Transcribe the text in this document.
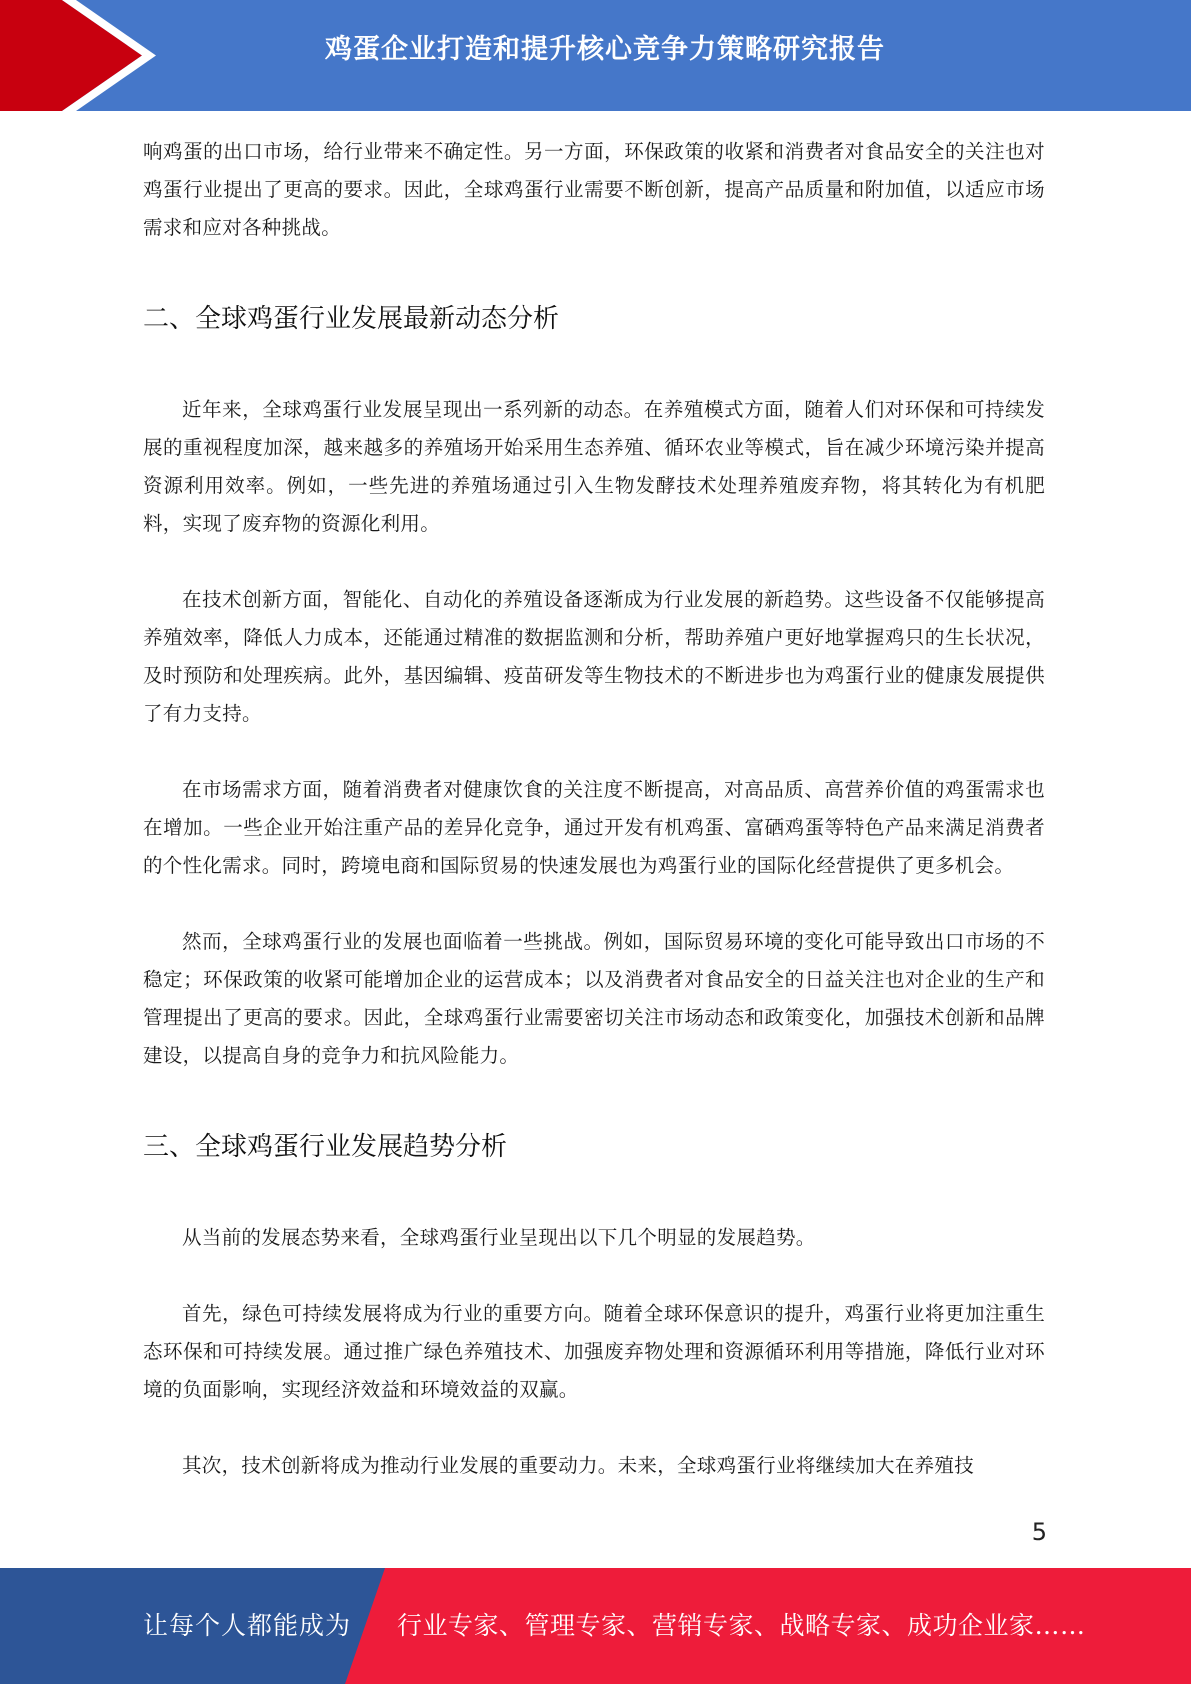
鸡蛋企业打造和提升核心竞争力策略研究报告

响鸡蛋的出口市场，给行业带来不确定性。另一方面，环保政策的收紧和消费者对食品安全的关注也对鸡蛋行业提出了更高的要求。因此，全球鸡蛋行业需要不断创新，提高产品质量和附加值，以适应市场需求和应对各种挑战。

二、全球鸡蛋行业发展最新动态分析

近年来，全球鸡蛋行业发展呈现出一系列新的动态。在养殖模式方面，随着人们对环保和可持续发展的重视程度加深，越来越多的养殖场开始采用生态养殖、循环农业等模式，旨在减少环境污染并提高资源利用效率。例如，一些先进的养殖场通过引入生物发酵技术处理养殖废弃物，将其转化为有机肥料，实现了废弃物的资源化利用。

在技术创新方面，智能化、自动化的养殖设备逐渐成为行业发展的新趋势。这些设备不仅能够提高养殖效率，降低人力成本，还能通过精准的数据监测和分析，帮助养殖户更好地掌握鸡只的生长状况，及时预防和处理疾病。此外，基因编辑、疫苗研发等生物技术的不断进步也为鸡蛋行业的健康发展提供了有力支持。

在市场需求方面，随着消费者对健康饮食的关注度不断提高，对高品质、高营养价值的鸡蛋需求也在增加。一些企业开始注重产品的差异化竞争，通过开发有机鸡蛋、富硒鸡蛋等特色产品来满足消费者的个性化需求。同时，跨境电商和国际贸易的快速发展也为鸡蛋行业的国际化经营提供了更多机会。

然而，全球鸡蛋行业的发展也面临着一些挑战。例如，国际贸易环境的变化可能导致出口市场的不稳定；环保政策的收紧可能增加企业的运营成本；以及消费者对食品安全的日益关注也对企业的生产和管理提出了更高的要求。因此，全球鸡蛋行业需要密切关注市场动态和政策变化，加强技术创新和品牌建设，以提高自身的竞争力和抗风险能力。

三、全球鸡蛋行业发展趋势分析

从当前的发展态势来看，全球鸡蛋行业呈现出以下几个明显的发展趋势。

首先，绿色可持续发展将成为行业的重要方向。随着全球环保意识的提升，鸡蛋行业将更加注重生态环保和可持续发展。通过推广绿色养殖技术、加强废弃物处理和资源循环利用等措施，降低行业对环境的负面影响，实现经济效益和环境效益的双赢。

其次，技术创新将成为推动行业发展的重要动力。未来，全球鸡蛋行业将继续加大在养殖技

5
让每个人都能成为 行业专家、管理专家、营销专家、战略专家、成功企业家……
